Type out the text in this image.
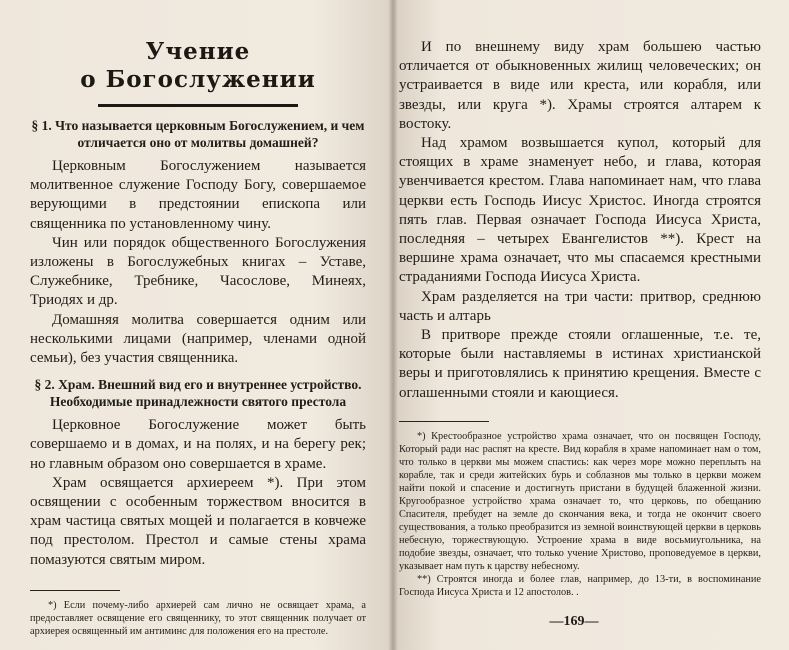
Учение
о Богослужении
§ 1. Что называется церковным Богослужением, и чем отличается оно от молитвы домашней?

Церковным Богослужением называется молитвенное служение Господу Богу, совершаемое верующими в предстоянии епископа или священника по установленному чину.

Чин или порядок общественного Богослужения изложены в Богослужебных книгах – Уставе, Служебнике, Требнике, Часослове, Минеях, Триодях и др.

Домашняя молитва совершается одним или несколькими лицами (например, членами одной семьи), без участия священника.

§ 2. Храм. Внешний вид его и внутреннее устройство. Необходимые принадлежности святого престола

Церковное Богослужение может быть совершаемо и в домах, и на полях, и на берегу рек; но главным образом оно совершается в храме.

Храм освящается архиереем *). При этом освящении с особенным торжеством вносится в храм частица святых мощей и полагается в ковчеже под престолом. Престол и самые стены храма помазуются святым миром.

*) Если почему-либо архиерей сам лично не освящает храма, а предоставляет освящение его священнику, то этот священник получает от архиерея освященный им антиминс для положения его на престоле.

И по внешнему виду храм большею частью отличается от обыкновенных жилищ человеческих; он устраивается в виде или креста, или корабля, или звезды, или круга *). Храмы строятся алтарем к востоку.

Над храмом возвышается купол, который для стоящих в храме знаменует небо, и глава, которая увенчивается крестом. Глава напоминает нам, что глава церкви есть Господь Иисус Христос. Иногда строятся пять глав. Первая означает Господа Иисуса Христа, последняя – четырех Евангелистов **). Крест на вершине храма означает, что мы спасаемся крестными страданиями Господа Иисуса Христа.

Храм разделяется на три части: притвор, среднюю часть и алтарь

В притворе прежде стояли оглашенные, т.е. те, которые были наставляемы в истинах христианской веры и приготовлялись к принятию крещения. Вместе с оглашенными стояли и кающиеся.

*) Крестообразное устройство храма означает, что он посвящен Господу, Который ради нас распят на кресте. Вид корабля в храме напоминает нам о том, что только в церкви мы можем спастись: как через море можно переплыть на корабле, так и среди житейских бурь и соблазнов мы только в церкви можем найти покой и спасение и достигнуть пристани в будущей блаженной жизни. Кругообразное устройство храма означает то, что церковь, по обещанию Спасителя, пребудет на земле до скончания века, и тогда не окончит своего существования, а только преобразится из земной воинствующей церкви в церковь небесную, торжествующую. Устроение храма в виде восьмиугольника, на подобие звезды, означает, что только учение Христово, проповедуемое в церкви, указывает нам путь к царству небесному.

**) Строятся иногда и более глав, например, до 13-ти, в воспоминание Господа Иисуса Христа и 12 апостолов. .

—169—
